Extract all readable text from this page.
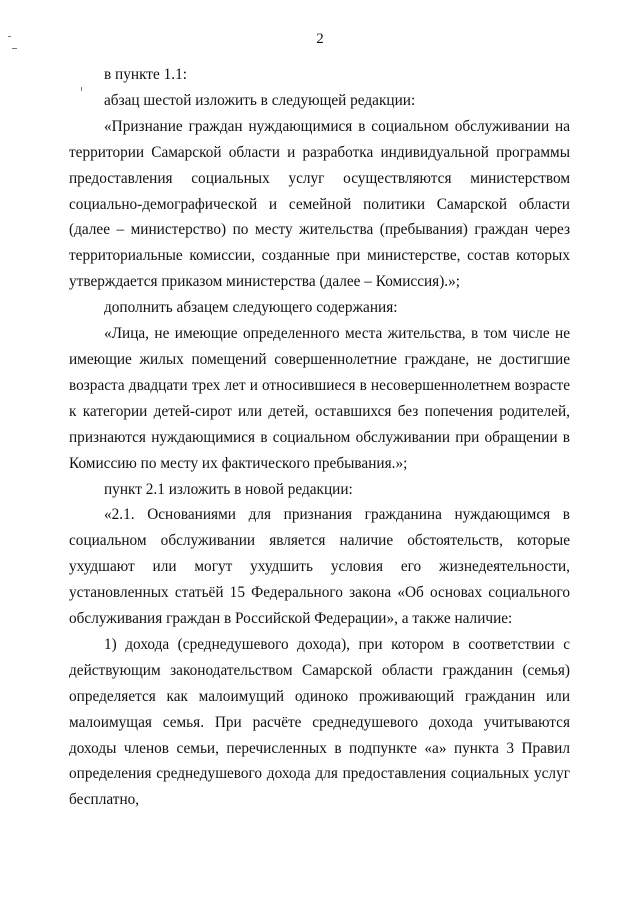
2

в пункте 1.1:

абзац шестой изложить в следующей редакции:

«Признание граждан нуждающимися в социальном обслуживании на территории Самарской области и разработка индивидуальной программы предоставления социальных услуг осуществляются министерством социально-демографической и семейной политики Самарской области (далее – министерство) по месту жительства (пребывания) граждан через территориальные комиссии, созданные при министерстве, состав которых утверждается приказом министерства (далее – Комиссия).»;

дополнить абзацем следующего содержания:

«Лица, не имеющие определенного места жительства, в том числе не имеющие жилых помещений совершеннолетние граждане, не достигшие возраста двадцати трех лет и относившиеся в несовершеннолетнем возрасте к категории детей-сирот или детей, оставшихся без попечения родителей, признаются нуждающимися в социальном обслуживании при обращении в Комиссию по месту их фактического пребывания.»;

пункт 2.1 изложить в новой редакции:

«2.1. Основаниями для признания гражданина нуждающимся в социальном обслуживании является наличие обстоятельств, которые ухудшают или могут ухудшить условия его жизнедеятельности, установленных статьёй 15 Федерального закона «Об основах социального обслуживания граждан в Российской Федерации», а также наличие:

1) дохода (среднедушевого дохода), при котором в соответствии с действующим законодательством Самарской области гражданин (семья) определяется как малоимущий одиноко проживающий гражданин или малоимущая семья. При расчёте среднедушевого дохода учитываются доходы членов семьи, перечисленных в подпункте «а» пункта 3 Правил определения среднедушевого дохода для предоставления социальных услуг бесплатно,
